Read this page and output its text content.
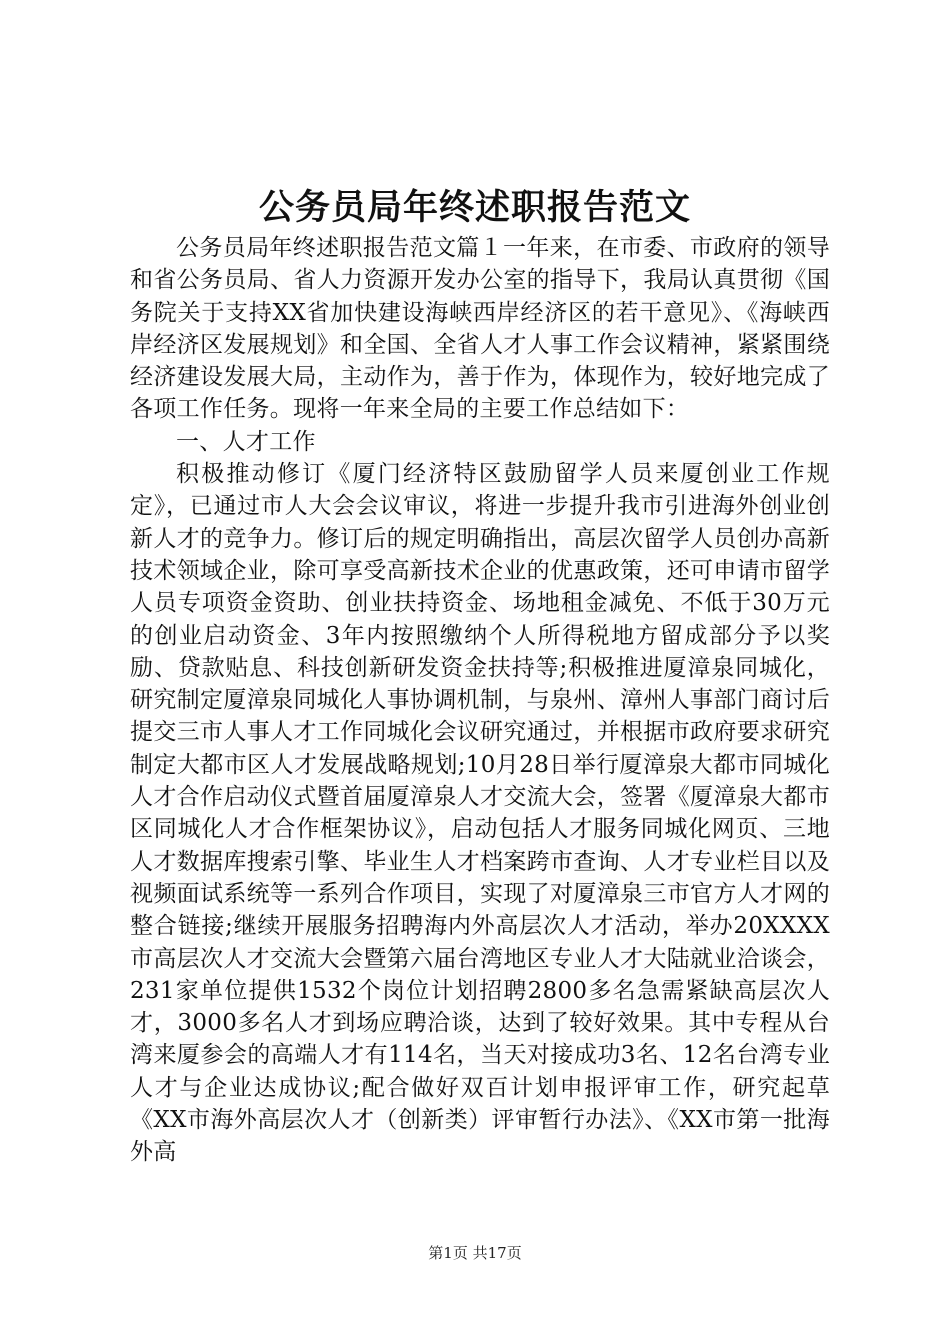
公务员局年终述职报告范文

公务员局年终述职报告范文篇１一年来，在市委、市政府的领导和省公务员局、省人力资源开发办公室的指导下，我局认真贯彻《国务院关于支持XX省加快建设海峡西岸经济区的若干意见》、《海峡西岸经济区发展规划》和全国、全省人才人事工作会议精神，紧紧围绕经济建设发展大局，主动作为，善于作为，体现作为，较好地完成了各项工作任务。现将一年来全局的主要工作总结如下：

一、人才工作

积极推动修订《厦门经济特区鼓励留学人员来厦创业工作规定》，已通过市人大会会议审议，将进一步提升我市引进海外创业创新人才的竞争力。修订后的规定明确指出，高层次留学人员创办高新技术领域企业，除可享受高新技术企业的优惠政策，还可申请市留学人员专项资金资助、创业扶持资金、场地租金减免、不低于30万元的创业启动资金、3年内按照缴纳个人所得税地方留成部分予以奖励、贷款贴息、科技创新研发资金扶持等;积极推进厦漳泉同城化，研究制定厦漳泉同城化人事协调机制，与泉州、漳州人事部门商讨后提交三市人事人才工作同城化会议研究通过，并根据市政府要求研究制定大都市区人才发展战略规划;10月28日举行厦漳泉大都市同城化人才合作启动仪式暨首届厦漳泉人才交流大会，签署《厦漳泉大都市区同城化人才合作框架协议》，启动包括人才服务同城化网页、三地人才数据库搜索引擎、毕业生人才档案跨市查询、人才专业栏目以及视频面试系统等一系列合作项目，实现了对厦漳泉三市官方人才网的整合链接;继续开展服务招聘海内外高层次人才活动，举办20XXXX市高层次人才交流大会暨第六届台湾地区专业人才大陆就业洽谈会，231家单位提供1532个岗位计划招聘2800多名急需紧缺高层次人才，3000多名人才到场应聘洽谈，达到了较好效果。其中专程从台湾来厦参会的高端人才有114名，当天对接成功3名、12名台湾专业人才与企业达成协议;配合做好双百计划申报评审工作，研究起草《XX市海外高层次人才（创新类）评审暂行办法》、《XX市第一批海外高

第1页 共17页
